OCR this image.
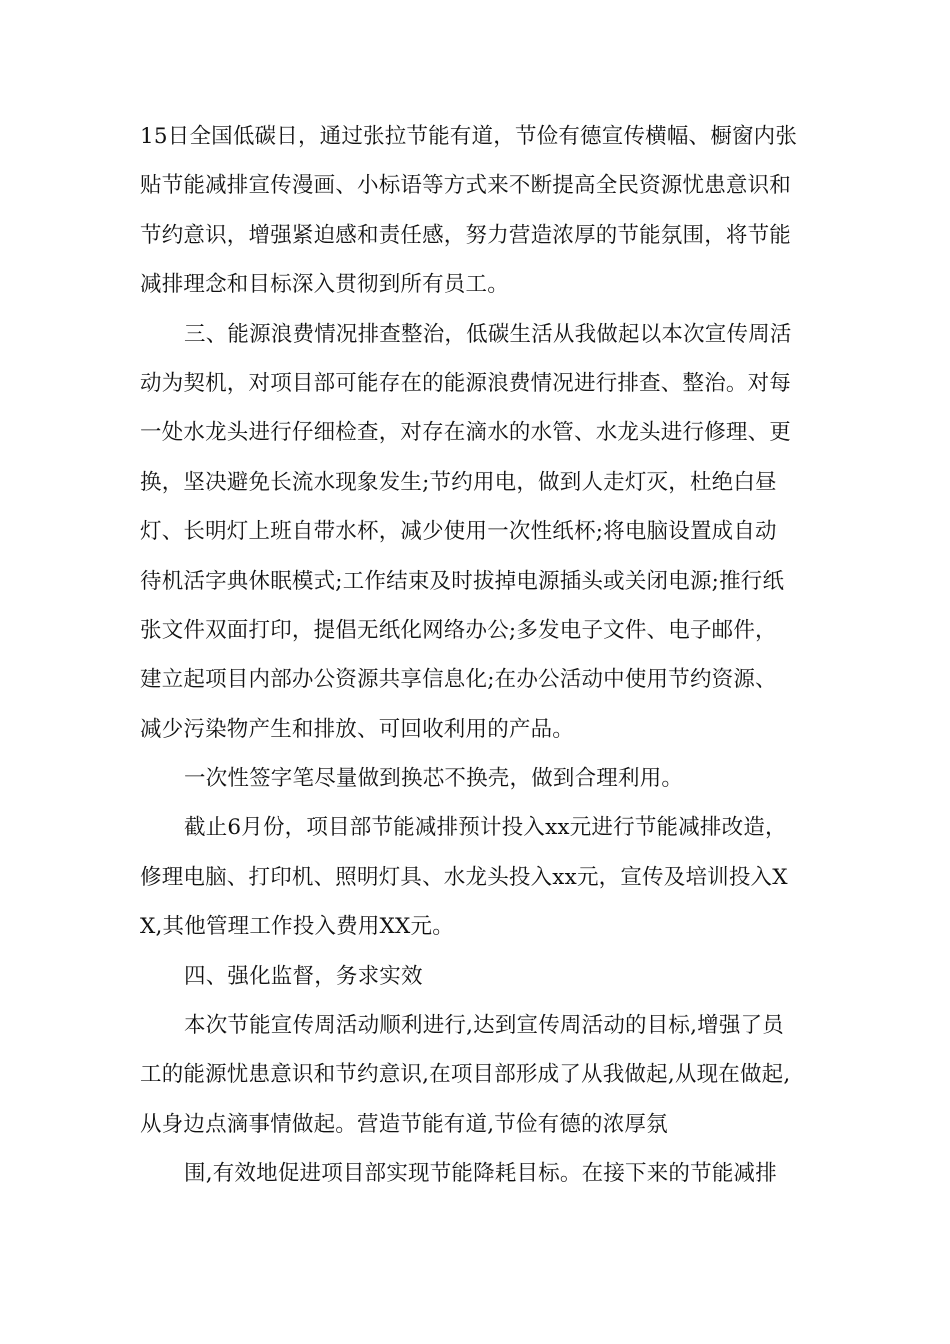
15日全国低碳日，通过张拉节能有道，节俭有德宣传横幅、橱窗内张
贴节能减排宣传漫画、小标语等方式来不断提高全民资源忧患意识和
节约意识，增强紧迫感和责任感，努力营造浓厚的节能氛围，将节能
减排理念和目标深入贯彻到所有员工。
三、能源浪费情况排查整治，低碳生活从我做起以本次宣传周活
动为契机，对项目部可能存在的能源浪费情况进行排查、整治。对每
一处水龙头进行仔细检查，对存在滴水的水管、水龙头进行修理、更
换，坚决避免长流水现象发生;节约用电，做到人走灯灭，杜绝白昼
灯、长明灯上班自带水杯，减少使用一次性纸杯;将电脑设置成自动
待机活字典休眠模式;工作结束及时拔掉电源插头或关闭电源;推行纸
张文件双面打印，提倡无纸化网络办公;多发电子文件、电子邮件，
建立起项目内部办公资源共享信息化;在办公活动中使用节约资源、
减少污染物产生和排放、可回收利用的产品。
一次性签字笔尽量做到换芯不换壳，做到合理利用。
截止6月份，项目部节能减排预计投入xx元进行节能减排改造，
修理电脑、打印机、照明灯具、水龙头投入xx元，宣传及培训投入X
X,其他管理工作投入费用XX元。
四、强化监督，务求实效
本次节能宣传周活动顺利进行,达到宣传周活动的目标,增强了员
工的能源忧患意识和节约意识,在项目部形成了从我做起,从现在做起,
从身边点滴事情做起。营造节能有道,节俭有德的浓厚氛
围,有效地促进项目部实现节能降耗目标。在接下来的节能减排
